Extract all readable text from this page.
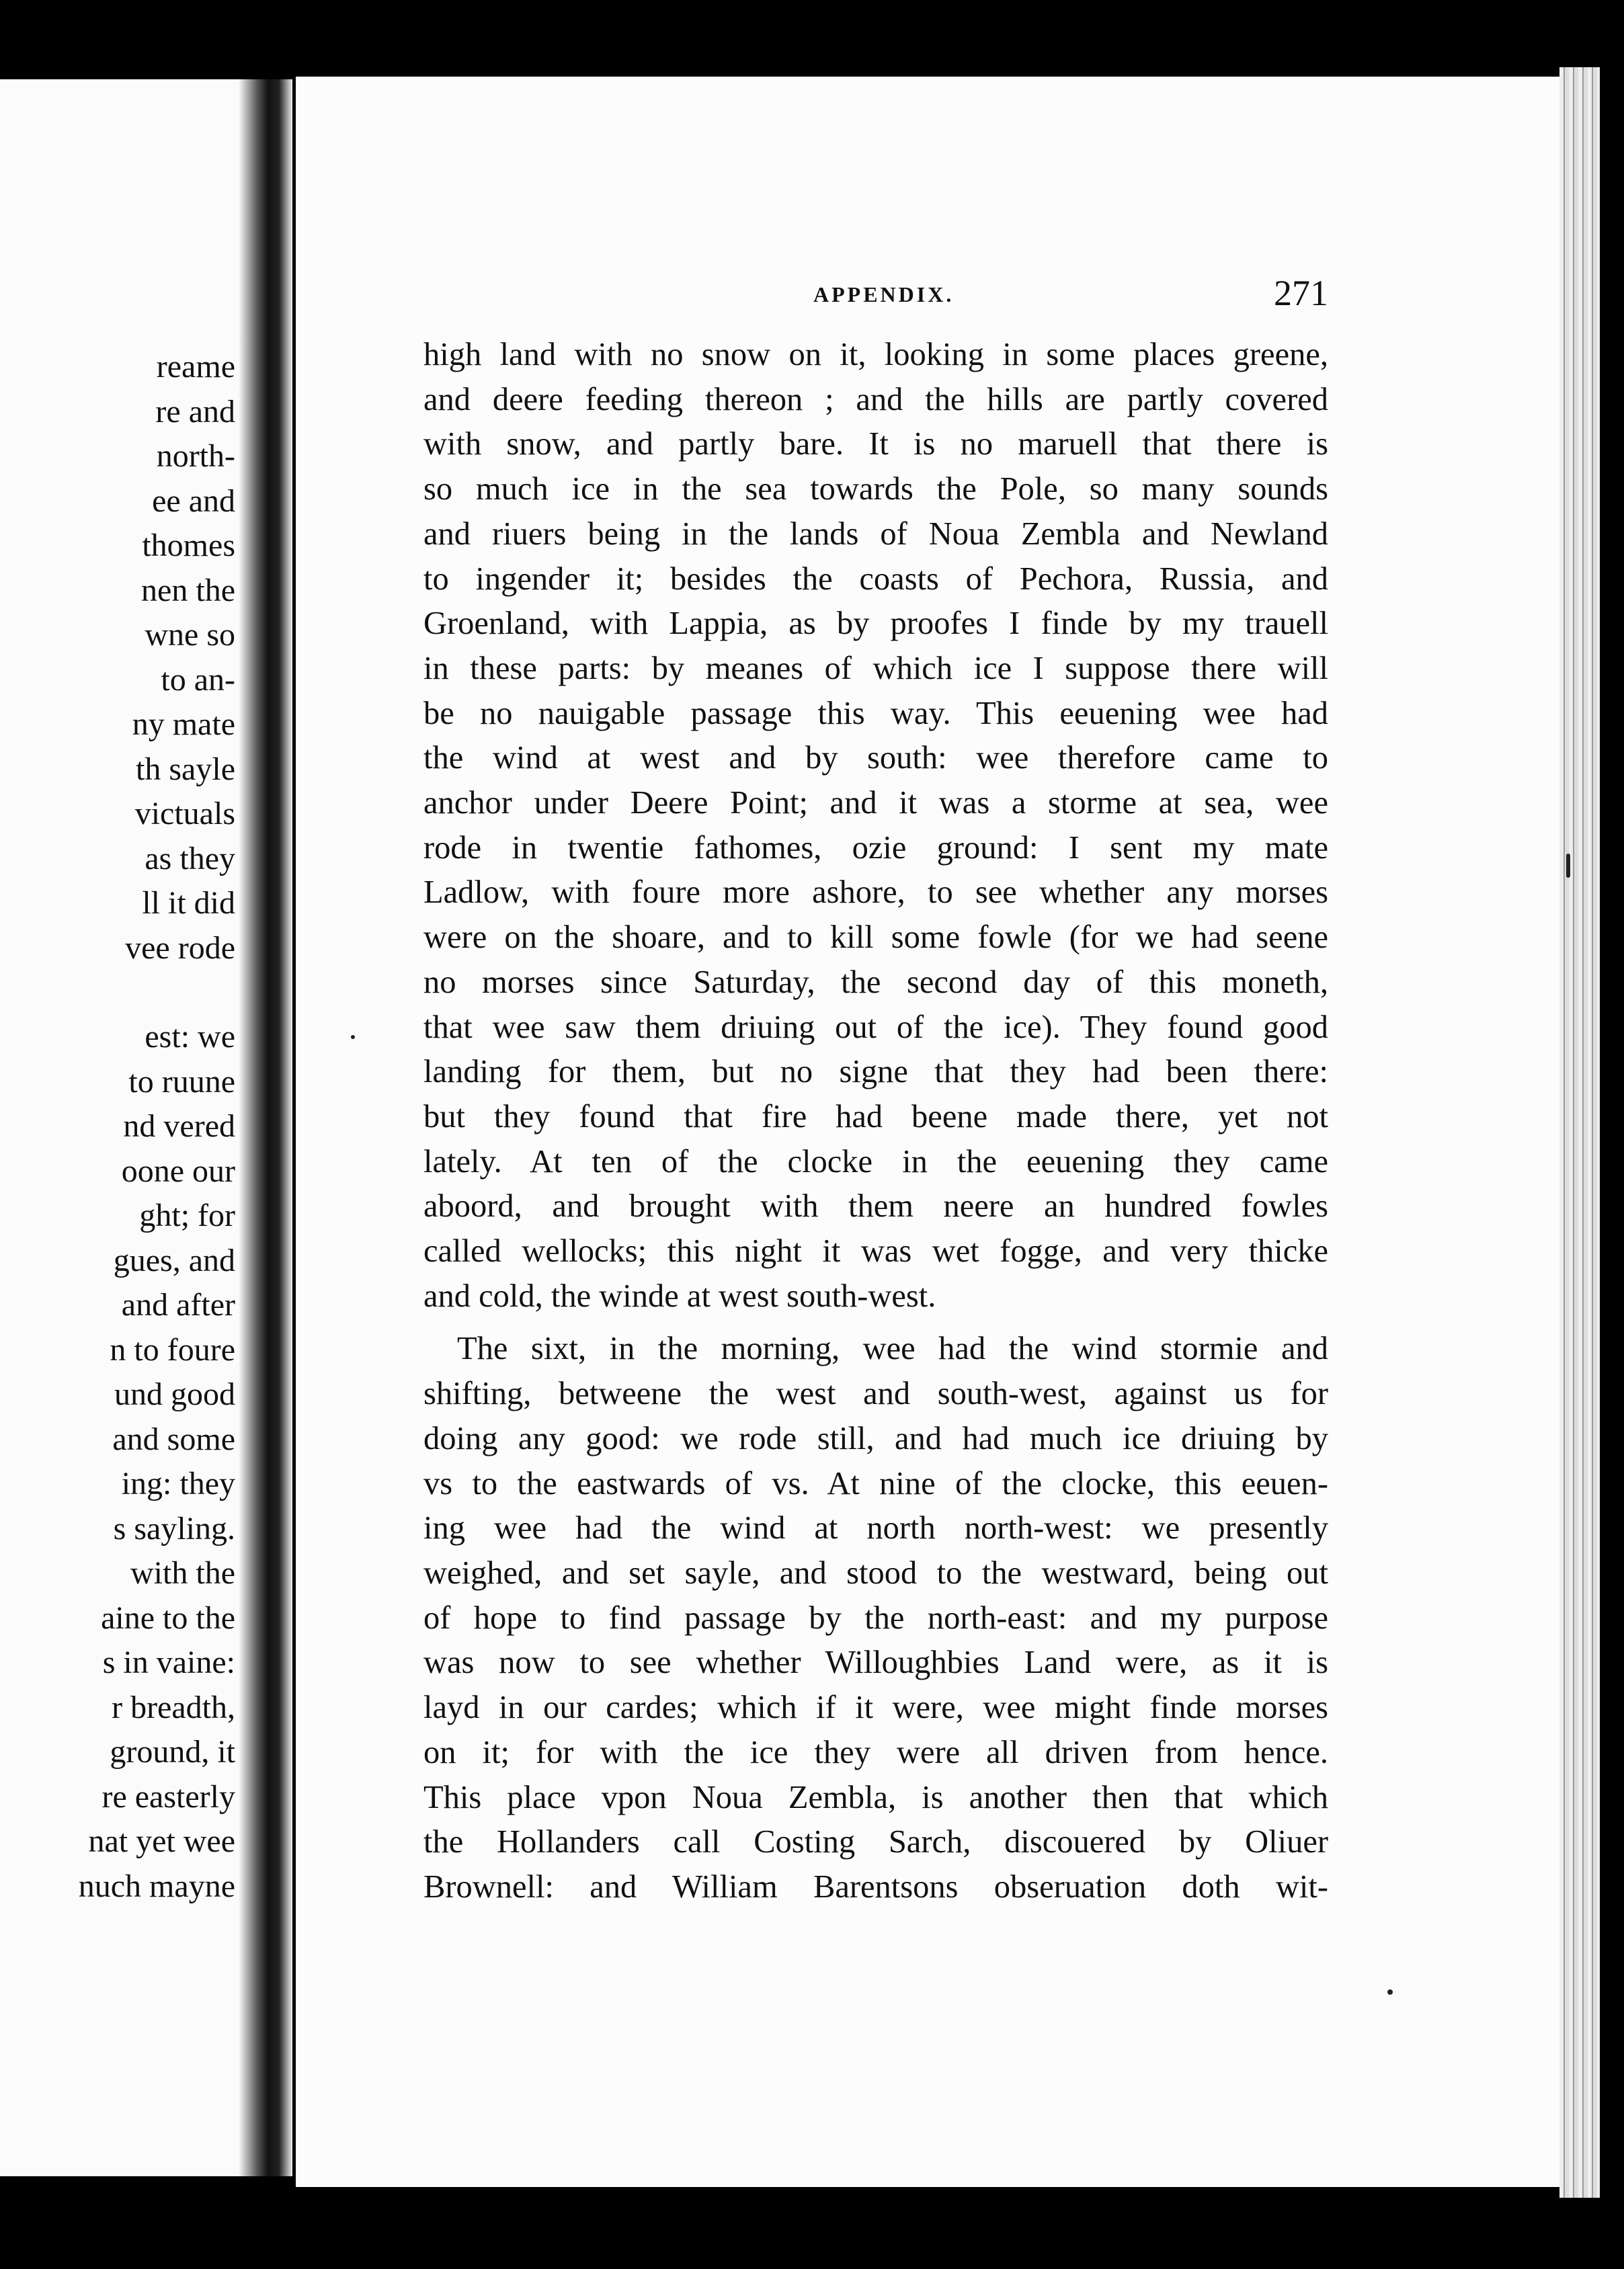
reame
re and
north-
ee and
thomes
nen the
wne so
to an-
ny mate
th sayle
victuals
as they
ll it did
vee rode
est: we
to ruune
nd vered
oone our
ght; for
gues, and
and after
n to foure
und good
and some
ing: they
s sayling.
with the
aine to the
s in vaine:
r breadth,
ground, it
re easterly
nat yet wee
nuch mayne
APPENDIX.	271
high land with no snow on it, looking in some places greene,
and deere feeding thereon ; and the hills are partly covered
with snow, and partly bare. It is no maruell that there is
so much ice in the sea towards the Pole, so many sounds
and riuers being in the lands of Noua Zembla and Newland
to ingender it; besides the coasts of Pechora, Russia, and
Groenland, with Lappia, as by proofes I finde by my trauell
in these parts: by meanes of which ice I suppose there will
be no nauigable passage this way. This eeuening wee had
the wind at west and by south: wee therefore came to
anchor under Deere Point; and it was a storme at sea, wee
rode in twentie fathomes, ozie ground: I sent my mate
Ladlow, with foure more ashore, to see whether any morses
were on the shoare, and to kill some fowle (for we had seene
no morses since Saturday, the second day of this moneth,
that wee saw them driuing out of the ice). They found good
landing for them, but no signe that they had been there:
but they found that fire had beene made there, yet not
lately. At ten of the clocke in the eeuening they came
aboord, and brought with them neere an hundred fowles
called wellocks; this night it was wet fogge, and very thicke
and cold, the winde at west south-west.
The sixt, in the morning, wee had the wind stormie and
shifting, betweene the west and south-west, against us for
doing any good: we rode still, and had much ice driuing by
vs to the eastwards of vs. At nine of the clocke, this eeuen-
ing wee had the wind at north north-west: we presently
weighed, and set sayle, and stood to the westward, being out
of hope to find passage by the north-east: and my purpose
was now to see whether Willoughbies Land were, as it is
layd in our cardes; which if it were, wee might finde morses
on it; for with the ice they were all driven from hence.
This place vpon Noua Zembla, is another then that which
the Hollanders call Costing Sarch, discouered by Oliuer
Brownell: and William Barentsons obseruation doth wit-
